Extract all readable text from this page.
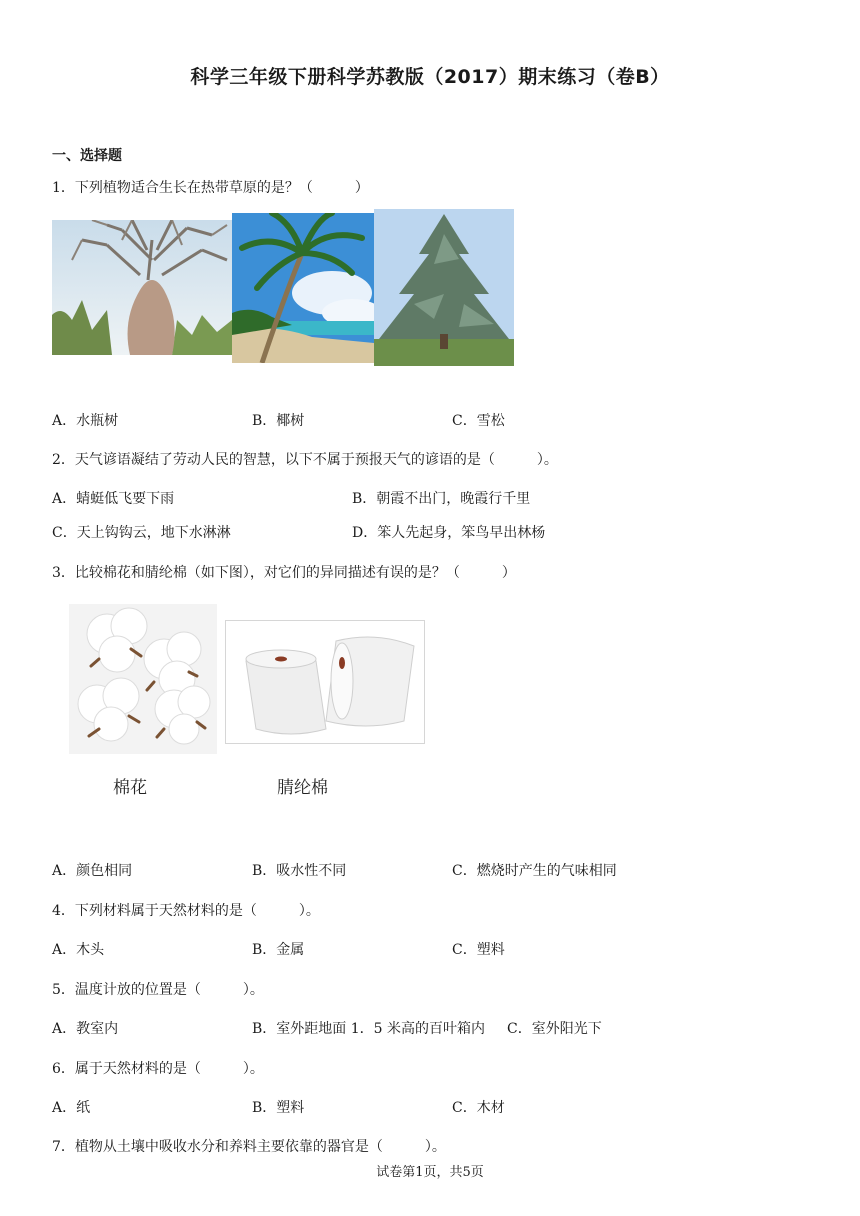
科学三年级下册科学苏教版（2017）期末练习（卷B）
一、选择题
1．下列植物适合生长在热带草原的是？（　　　）
A．水瓶树	B．椰树	C．雪松
2．天气谚语凝结了劳动人民的智慧，以下不属于预报天气的谚语的是（　　　）。
A．蜻蜓低飞要下雨	B．朝霞不出门，晚霞行千里
C．天上钩钩云，地下水淋淋	D．笨人先起身，笨鸟早出林杨
3．比较棉花和腈纶棉（如下图），对它们的异同描述有误的是？（　　　）
棉花	腈纶棉
A．颜色相同	B．吸水性不同	C．燃烧时产生的气味相同
4．下列材料属于天然材料的是（　　　）。
A．木头	B．金属	C．塑料
5．温度计放的位置是（　　　）。
A．教室内	B．室外距地面 1．5 米高的百叶箱内 C．室外阳光下
6．属于天然材料的是（　　　）。
A．纸	B．塑料	C．木材
7．植物从土壤中吸收水分和养料主要依靠的器官是（　　　）。
试卷第1页，共5页
